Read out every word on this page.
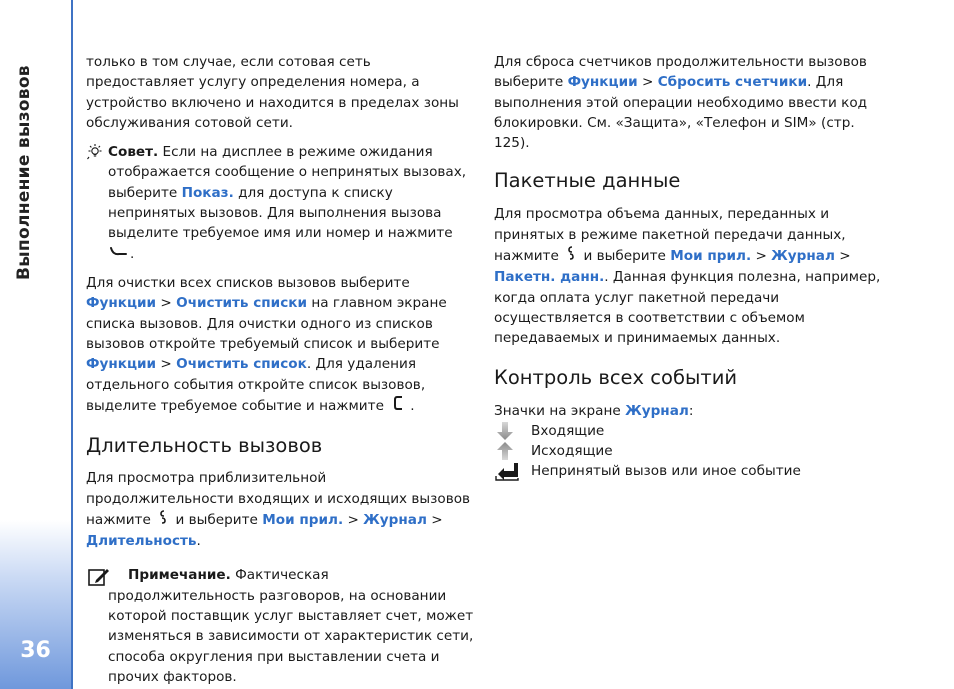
Выполнение вызовов
36

только в том случае, если сотовая сеть предоставляет услугу определения номера, а устройство включено и находится в пределах зоны обслуживания сотовой сети.

Совет. Если на дисплее в режиме ожидания отображается сообщение о непринятых вызовах, выберите Показ. для доступа к списку непринятых вызовов. Для выполнения вызова выделите требуемое имя или номер и нажмите .

Для очистки всех списков вызовов выберите Функции > Очистить списки на главном экране списка вызовов. Для очистки одного из списков вызовов откройте требуемый список и выберите Функции > Очистить список. Для удаления отдельного события откройте список вызовов, выделите требуемое событие и нажмите .

Длительность вызовов

Для просмотра приблизительной продолжительности входящих и исходящих вызовов нажмите  и выберите Мои прил. > Журнал > Длительность.

Примечание. Фактическая продолжительность разговоров, на основании которой поставщик услуг выставляет счет, может изменяться в зависимости от характеристик сети, способа округления при выставлении счета и прочих факторов.

Для сброса счетчиков продолжительности вызовов выберите Функции > Сбросить счетчики. Для выполнения этой операции необходимо ввести код блокировки. См. «Защита», «Телефон и SIM» (стр. 125).

Пакетные данные

Для просмотра объема данных, переданных и принятых в режиме пакетной передачи данных, нажмите  и выберите Мои прил. > Журнал > Пакетн. данн.. Данная функция полезна, например, когда оплата услуг пакетной передачи осуществляется в соответствии с объемом передаваемых и принимаемых данных.

Контроль всех событий

Значки на экране Журнал:

Входящие
Исходящие
Непринятый вызов или иное событие
